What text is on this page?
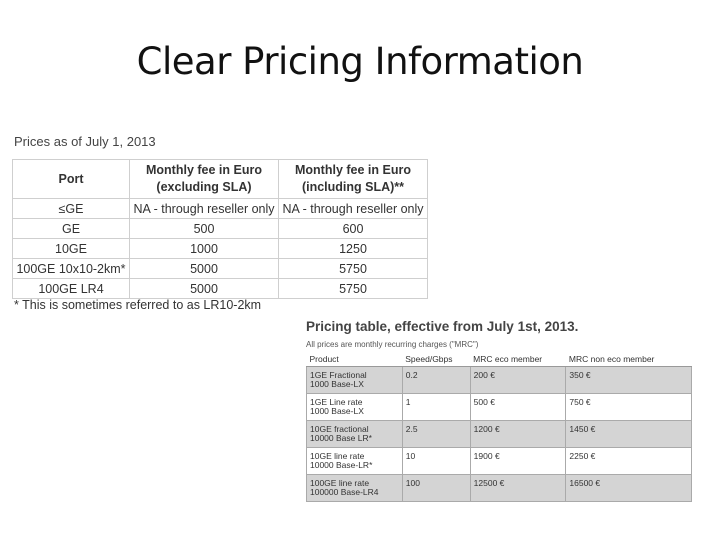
Clear Pricing Information
Prices as of July 1, 2013
Port	Monthly fee in Euro (excluding SLA)	Monthly fee in Euro (including SLA)**
≤GE	NA - through reseller only	NA - through reseller only
GE	500	600
10GE	1000	1250
100GE 10x10-2km*	5000	5750
100GE LR4	5000	5750
* This is sometimes referred to as LR10-2km
Pricing table, effective from July 1st, 2013.
All prices are monthly recurring charges ("MRC")
Product	Speed/Gbps	MRC eco member	MRC non eco member

1GE Fractional
1000 Base-LX	0.2	200 €	350 €

1GE Line rate
1000 Base-LX	1	500 €	750 €

10GE fractional
10000 Base LR*	2.5	1200 €	1450 €

10GE line rate
10000 Base-LR*	10	1900 €	2250 €

100GE line rate
100000 Base-LR4	100	12500 €	16500 €
